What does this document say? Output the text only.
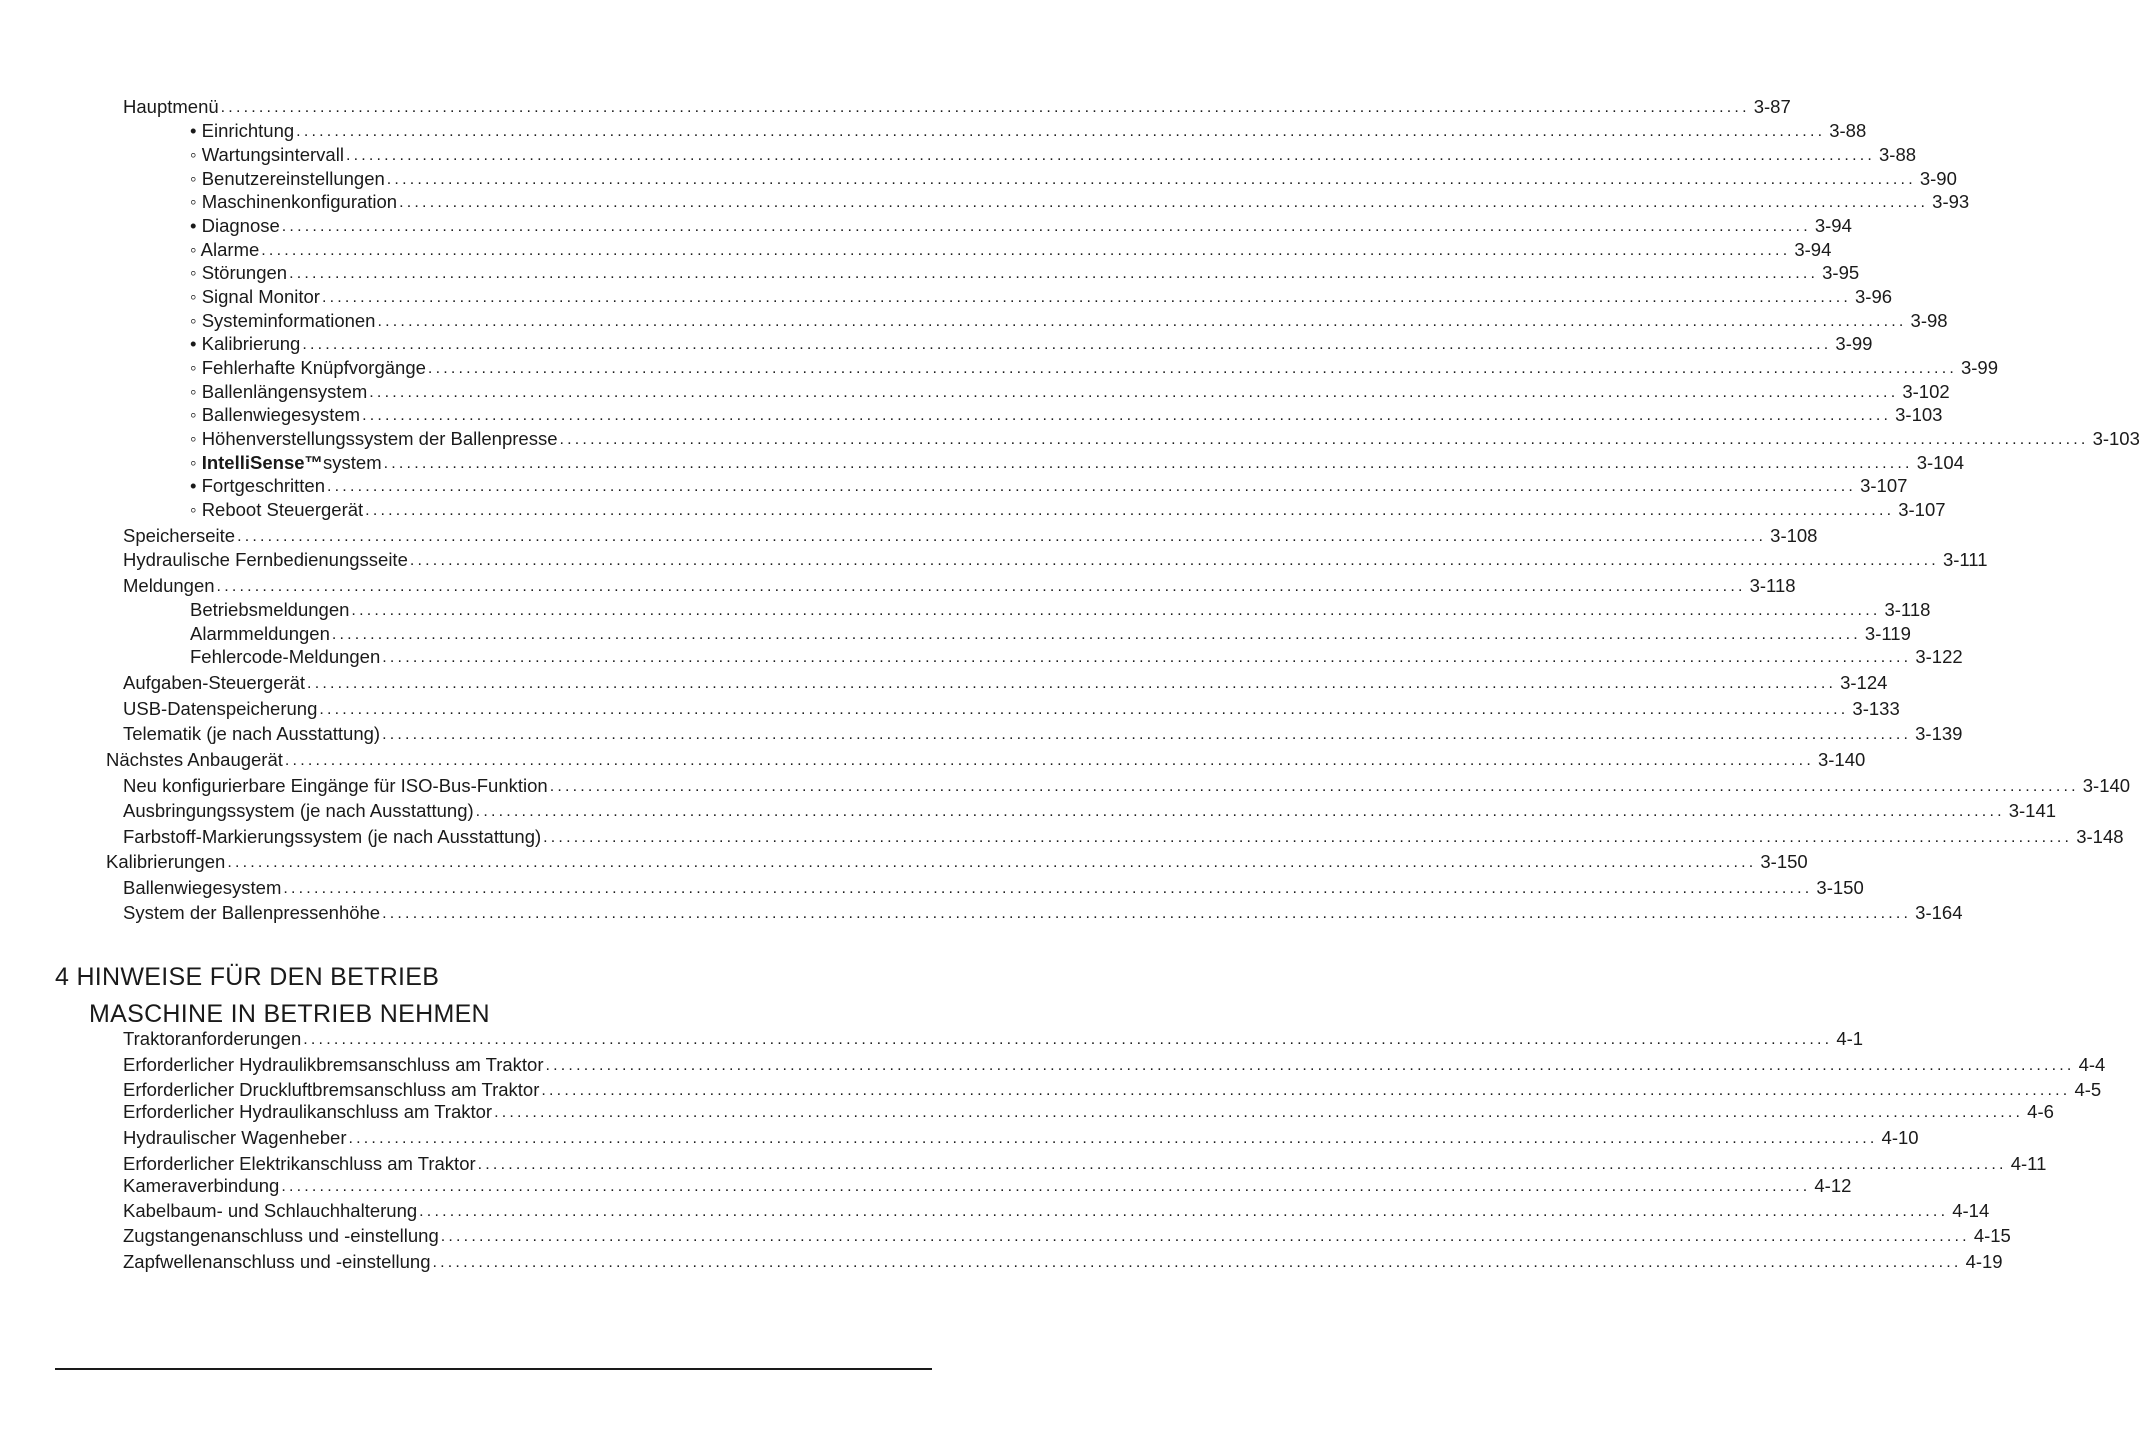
Hauptmenü ........................................................................................................................................................................................................ 3-87
• Einrichtung ........................................................................................................................................................................................................ 3-88
◦ Wartungsintervall ........................................................................................................................................................................................................ 3-88
◦ Benutzereinstellungen ........................................................................................................................................................................................................ 3-90
◦ Maschinenkonfiguration ........................................................................................................................................................................................................ 3-93
• Diagnose ........................................................................................................................................................................................................ 3-94
◦ Alarme ........................................................................................................................................................................................................ 3-94
◦ Störungen ........................................................................................................................................................................................................ 3-95
◦ Signal Monitor ........................................................................................................................................................................................................ 3-96
◦ Systeminformationen ........................................................................................................................................................................................................ 3-98
• Kalibrierung ........................................................................................................................................................................................................ 3-99
◦ Fehlerhafte Knüpfvorgänge ........................................................................................................................................................................................................ 3-99
◦ Ballenlängensystem ........................................................................................................................................................................................................ 3-102
◦ Ballenwiegesystem ........................................................................................................................................................................................................ 3-103
◦ Höhenverstellungssystem der Ballenpresse ........................................................................................................................................................................................................ 3-103
◦ IntelliSense™system ........................................................................................................................................................................................................ 3-104
• Fortgeschritten ........................................................................................................................................................................................................ 3-107
◦ Reboot Steuergerät ........................................................................................................................................................................................................ 3-107
Speicherseite ........................................................................................................................................................................................................ 3-108
Hydraulische Fernbedienungsseite ........................................................................................................................................................................................................ 3-111
Meldungen ........................................................................................................................................................................................................ 3-118
Betriebsmeldungen ........................................................................................................................................................................................................ 3-118
Alarmmeldungen ........................................................................................................................................................................................................ 3-119
Fehlercode-Meldungen ........................................................................................................................................................................................................ 3-122
Aufgaben-Steuergerät ........................................................................................................................................................................................................ 3-124
USB-Datenspeicherung ........................................................................................................................................................................................................ 3-133
Telematik (je nach Ausstattung) ........................................................................................................................................................................................................ 3-139
Nächstes Anbaugerät ........................................................................................................................................................................................................ 3-140
Neu konfigurierbare Eingänge für ISO-Bus-Funktion ........................................................................................................................................................................................................ 3-140
Ausbringungssystem (je nach Ausstattung) ........................................................................................................................................................................................................ 3-141
Farbstoff-Markierungssystem (je nach Ausstattung) ........................................................................................................................................................................................................ 3-148
Kalibrierungen ........................................................................................................................................................................................................ 3-150
Ballenwiegesystem ........................................................................................................................................................................................................ 3-150
System der Ballenpressenhöhe ........................................................................................................................................................................................................ 3-164
4 HINWEISE FÜR DEN BETRIEB
MASCHINE IN BETRIEB NEHMEN
Traktoranforderungen ........................................................................................................................................................................................................ 4-1
Erforderlicher Hydraulikbremsanschluss am Traktor ........................................................................................................................................................................................................ 4-4
Erforderlicher Druckluftbremsanschluss am Traktor ........................................................................................................................................................................................................ 4-5
Erforderlicher Hydraulikanschluss am Traktor ........................................................................................................................................................................................................ 4-6
Hydraulischer Wagenheber ........................................................................................................................................................................................................ 4-10
Erforderlicher Elektrikanschluss am Traktor ........................................................................................................................................................................................................ 4-11
Kameraverbindung ........................................................................................................................................................................................................ 4-12
Kabelbaum- und Schlauchhalterung ........................................................................................................................................................................................................ 4-14
Zugstangenanschluss und -einstellung ........................................................................................................................................................................................................ 4-15
Zapfwellenanschluss und -einstellung ........................................................................................................................................................................................................ 4-19
